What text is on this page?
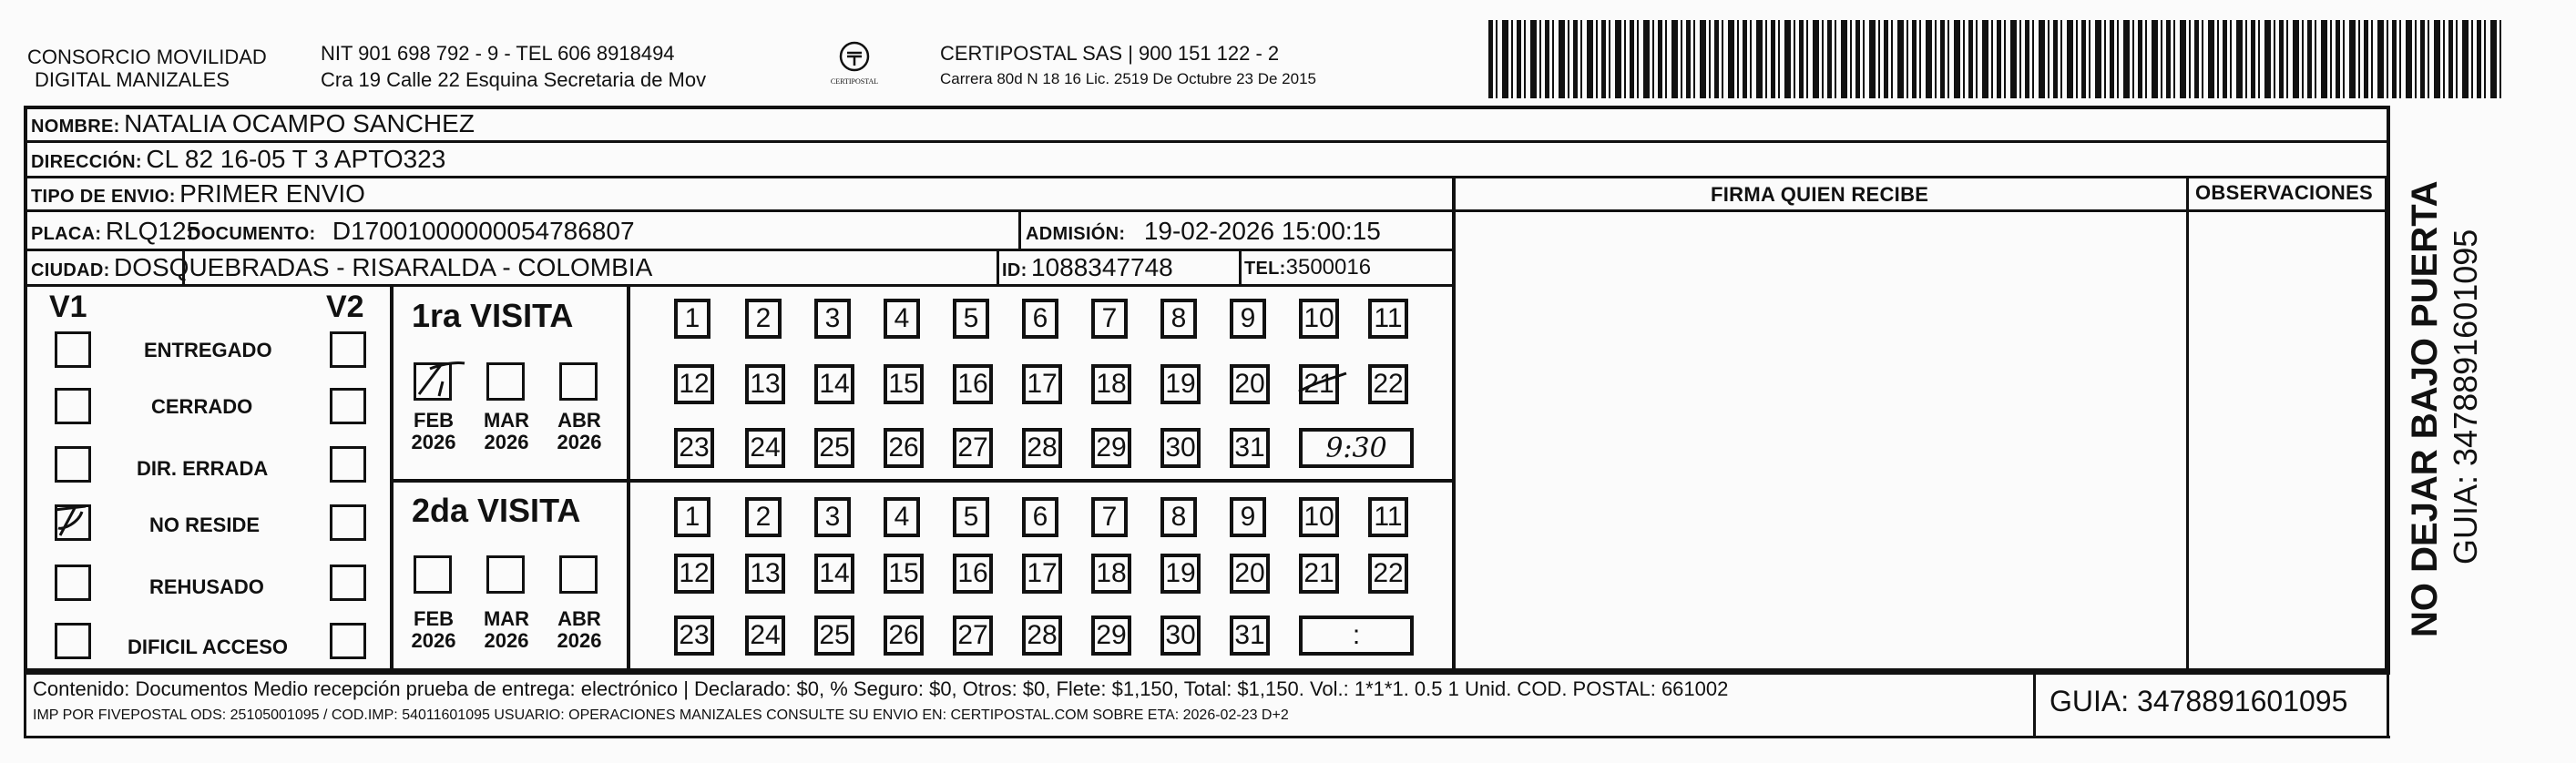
CONSORCIO MOVILIDAD
DIGITAL MANIZALES
NIT 901 698 792 - 9 - TEL 606 8918494
Cra 19 Calle 22 Esquina Secretaria de Mov	CERTIPOSTAL
CERTIPOSTAL SAS | 900 151 122 - 2
Carrera 80d N 18 16 Lic. 2519 De Octubre 23 De 2015
NOMBRE: NATALIA OCAMPO SANCHEZ
DIRECCIÓN: CL 82 16-05 T 3 APTO323
TIPO DE ENVIO: PRIMER ENVIO
PLACA: RLQ125
DOCUMENTO: D17001000000054786807	ADMISIÓN: 19-02-2026 15:00:15
CIUDAD: DOSQUEBRADAS - RISARALDA - COLOMBIA	ID: 1088347748	TEL:3500016
FIRMA QUIEN RECIBE	OBSERVACIONES
V1	V2
ENTREGADO
CERRADO
DIR. ERRADA
NO RESIDE
REHUSADO
DIFICIL ACCESO
1ra VISITA
FEB
2026
MAR
2026
ABR
2026
1	2	3	4	5	6	7	8	9	10 11
12 13 14 15 16 17 18 19 20 21 22
23 24 25 26 27 28 29 30 31 9:30
2da VISITA
FEB
2026
MAR
2026
ABR
2026
1	2	3	4	5	6	7	8	9	10 11
12 13 14 15 16 17 18 19 20 21 22
23 24 25 26 27 28 29 30 31	:
Contenido: Documentos Medio recepción prueba de entrega: electrónico | Declarado: $0, % Seguro: $0, Otros: $0, Flete: $1,150, Total: $1,150. Vol.: 1*1*1. 0.5 1 Unid. COD. POSTAL: 661002
IMP POR FIVEPOSTAL ODS: 25105001095 / COD.IMP: 54011601095 USUARIO: OPERACIONES MANIZALES CONSULTE SU ENVIO EN: CERTIPOSTAL.COM SOBRE ETA: 2026-02-23 D+2	GUIA: 3478891601095
NO DEJAR BAJO PUERTA GUIA: 3478891601095
